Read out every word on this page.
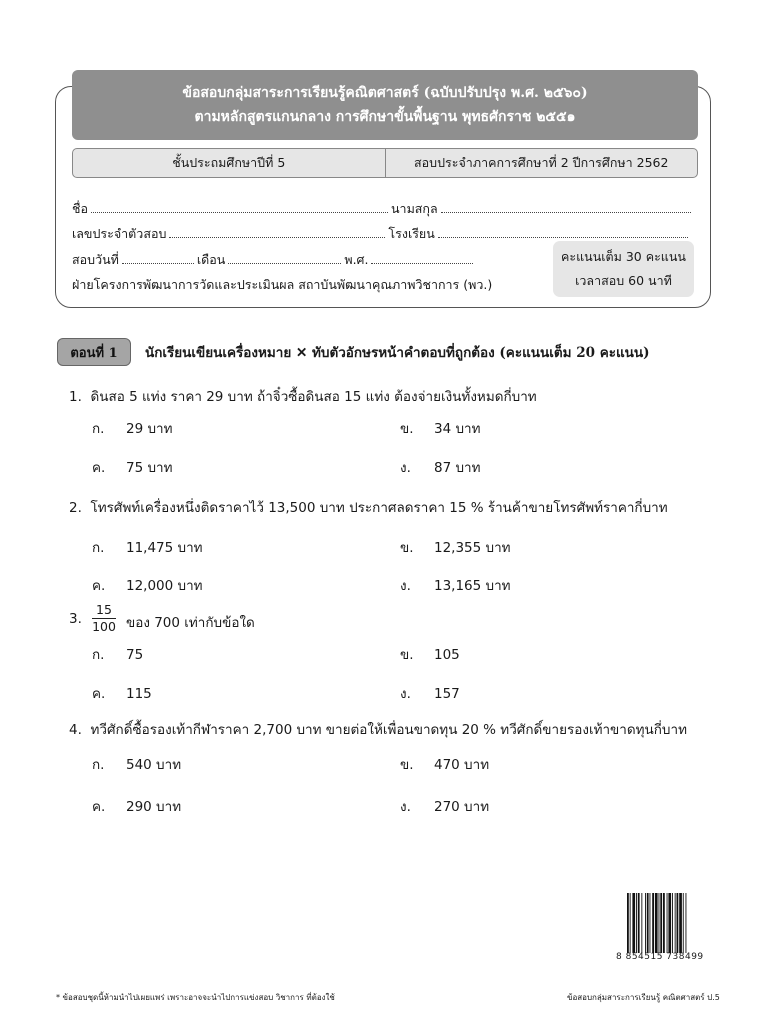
ข้อสอบกลุ่มสาระการเรียนรู้คณิตศาสตร์ (ฉบับปรับปรุง พ.ศ. ๒๕๖๐)
ตามหลักสูตรแกนกลาง การศึกษาขั้นพื้นฐาน พุทธศักราช ๒๕๕๑
ชั้นประถมศึกษาปีที่ 5	สอบประจำภาคการศึกษาที่ 2 ปีการศึกษา 2562
ชื่อ	นามสกุล
เลขประจำตัวสอบ	โรงเรียน
สอบวันที่	เดือน	พ.ศ.
ฝ่ายโครงการพัฒนาการวัดและประเมินผล สถาบันพัฒนาคุณภาพวิชาการ (พว.)
คะแนนเต็ม 30 คะแนน
เวลาสอบ 60 นาที
ตอนที่ 1	นักเรียนเขียนเครื่องหมาย ✕ ทับตัวอักษรหน้าคำตอบที่ถูกต้อง (คะแนนเต็ม 20 คะแนน)
1. ดินสอ 5 แท่ง ราคา 29 บาท ถ้าจิ๋วซื้อดินสอ 15 แท่ง ต้องจ่ายเงินทั้งหมดกี่บาท
ก. 29 บาท	ข. 34 บาท
ค. 75 บาท	ง. 87 บาท
2. โทรศัพท์เครื่องหนึ่งติดราคาไว้ 13,500 บาท ประกาศลดราคา 15 % ร้านค้าขายโทรศัพท์ราคากี่บาท
ก. 11,475 บาท	ข. 12,355 บาท
ค. 12,000 บาท	ง. 13,165 บาท
3.
15
100 ของ 700 เท่ากับข้อใด
ก. 75	ข. 105
ค. 115	ง. 157
4. ทวีศักดิ์ซื้อรองเท้ากีฬาราคา 2,700 บาท ขายต่อให้เพื่อนขาดทุน 20 % ทวีศักดิ์ขายรองเท้าขาดทุนกี่บาท
ก. 540 บาท	ข. 470 บาท
ค. 290 บาท	ง. 270 บาท
8 854515 738499
* ข้อสอบชุดนี้ห้ามนำไปเผยแพร่ เพราะอาจจะนำไปการแข่งสอบ วิชาการ ที่ต้องใช้	ข้อสอบกลุ่มสาระการเรียนรู้ คณิตศาสตร์ ป.5
